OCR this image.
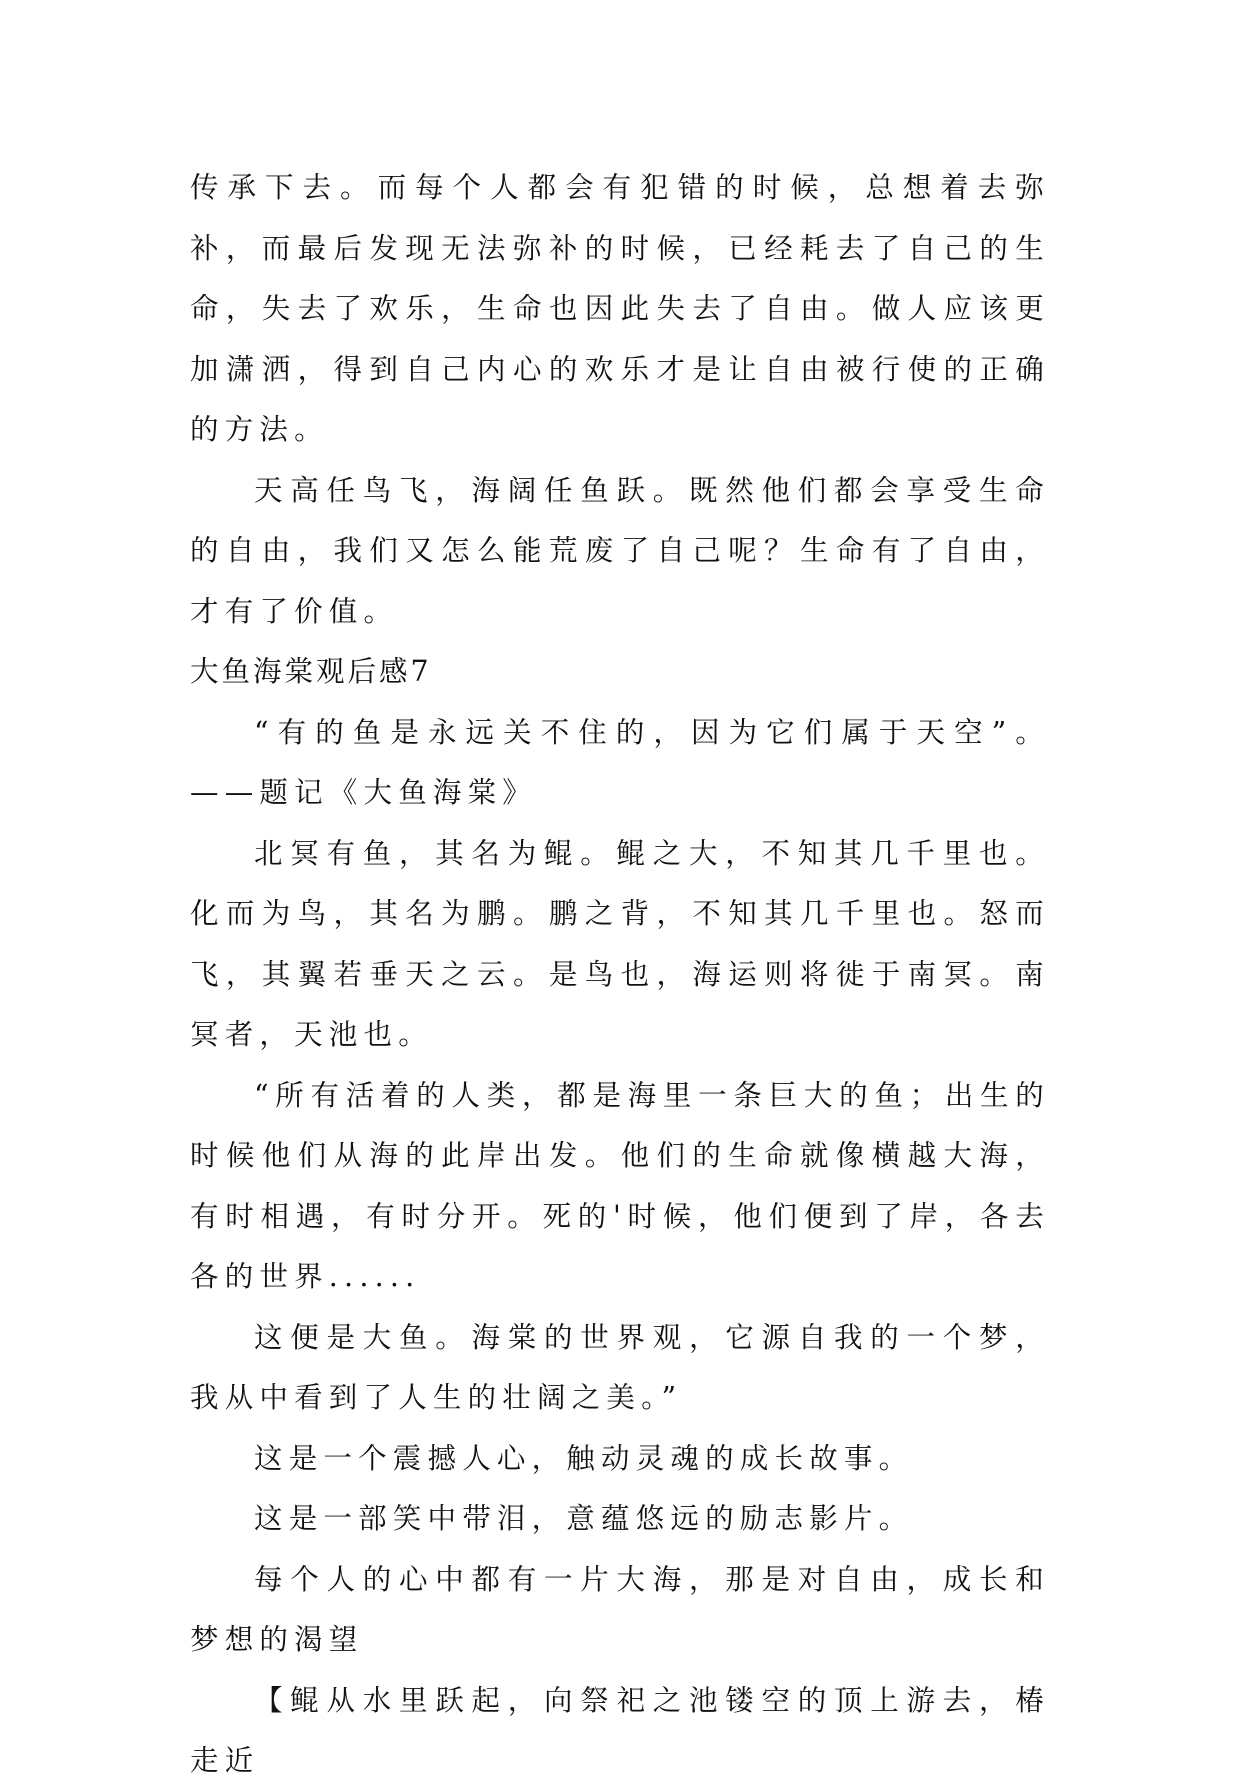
传承下去。而每个人都会有犯错的时候，总想着去弥补，而最后发现无法弥补的时候，已经耗去了自己的生命，失去了欢乐，生命也因此失去了自由。做人应该更加潇洒，得到自己内心的欢乐才是让自由被行使的正确的方法。

天高任鸟飞，海阔任鱼跃。既然他们都会享受生命的自由，我们又怎么能荒废了自己呢？生命有了自由，才有了价值。

大鱼海棠观后感7

“有的鱼是永远关不住的，因为它们属于天空”。——题记《大鱼海棠》

北冥有鱼，其名为鲲。鲲之大，不知其几千里也。化而为鸟，其名为鹏。鹏之背，不知其几千里也。怒而飞，其翼若垂天之云。是鸟也，海运则将徙于南冥。南冥者，天池也。

“所有活着的人类，都是海里一条巨大的鱼；出生的时候他们从海的此岸出发。他们的生命就像横越大海，有时相遇，有时分开。死的'时候，他们便到了岸，各去各的世界......

这便是大鱼。海棠的世界观，它源自我的一个梦，我从中看到了人生的壮阔之美。”

这是一个震撼人心，触动灵魂的成长故事。

这是一部笑中带泪，意蕴悠远的励志影片。

每个人的心中都有一片大海，那是对自由，成长和梦想的渴望

【鲲从水里跃起，向祭祀之池镂空的顶上游去，椿走近
